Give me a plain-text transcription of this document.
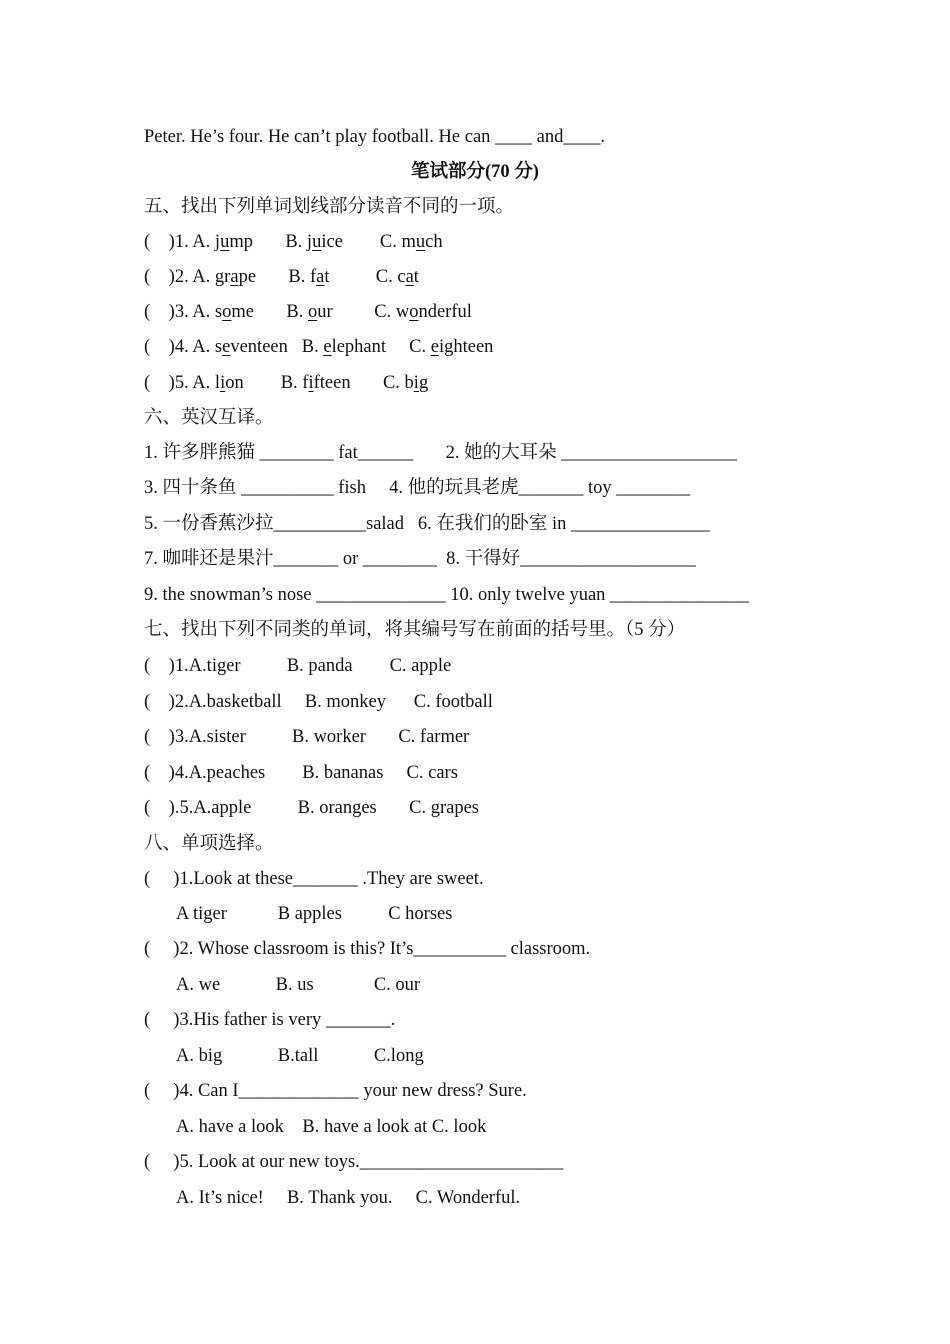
Peter. He’s four. He can’t play football. He can ____ and____.
笔试部分(70 分)
五、找出下列单词划线部分读音不同的一项。
(    )1. A. jump       B. juice        C. much
(    )2. A. grape       B. fat          C. cat
(    )3. A. some       B. our         C. wonderful
(    )4. A. seventeen   B. elephant     C. eighteen
(    )5. A. lion        B. fifteen       C. big
六、英汉互译。
1. 许多胖熊猫 ________ fat______       2. 她的大耳朵 ___________________
3. 四十条鱼 __________ fish     4. 他的玩具老虎_______ toy ________
5. 一份香蕉沙拉__________salad   6. 在我们的卧室 in _______________
7. 咖啡还是果汁_______ or ________  8. 干得好___________________
9. the snowman’s nose ______________ 10. only twelve yuan _______________
七、找出下列不同类的单词，将其编号写在前面的括号里。（5 分）
(    )1.A.tiger          B. panda        C. apple
(    )2.A.basketball     B. monkey      C. football
(    )3.A.sister          B. worker       C. farmer
(    )4.A.peaches        B. bananas     C. cars
(    ).5.A.apple          B. oranges       C. grapes
八、单项选择。
(     )1.Look at these_______ .They are sweet.
A tiger           B apples          C horses
(     )2. Whose classroom is this? It’s__________ classroom.
A. we            B. us             C. our
(     )3.His father is very _______.
A. big            B.tall            C.long
(     )4. Can I_____________ your new dress? Sure.
A. have a look    B. have a look at C. look
(     )5. Look at our new toys.______________________
A. It’s nice!     B. Thank you.     C. Wonderful.
